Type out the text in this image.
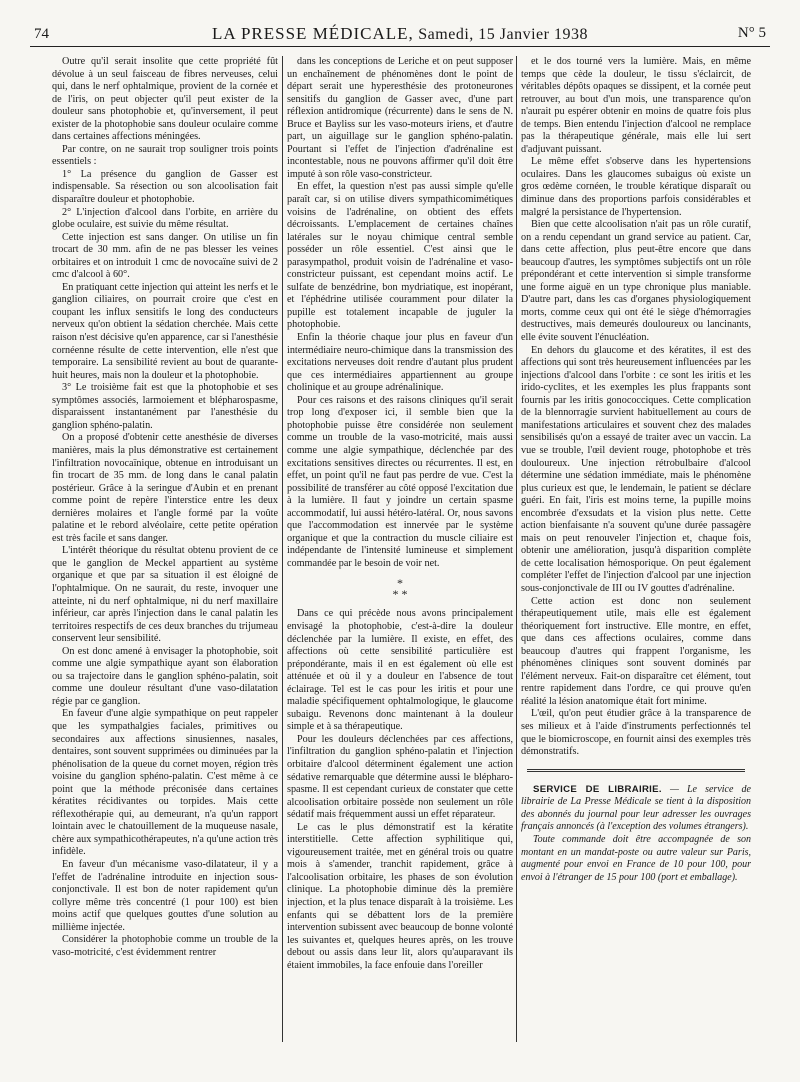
74	LA PRESSE MÉDICALE, Samedi, 15 Janvier 1938	N° 5

Outre qu'il serait insolite que cette propriété fût dévolue à un seul faisceau de fibres nerveuses, celui qui, dans le nerf ophtalmique, provient de la cornée et de l'iris, on peut objecter qu'il peut exister de la douleur sans photophobie et, qu'inversement, il peut exister de la photophobie sans douleur oculaire comme dans certaines affections méningées.

Par contre, on ne saurait trop souligner trois points essentiels :

1° La présence du ganglion de Gasser est indispensable. Sa résection ou son alcoolisation fait disparaître douleur et photophobie.

2° L'injection d'alcool dans l'orbite, en arrière du globe oculaire, est suivie du même résultat.

Cette injection est sans danger. On utilise un fin trocart de 30 mm. afin de ne pas blesser les veines orbitaires et on introduit 1 cmc de novocaïne suivi de 2 cmc d'alcool à 60°.

En pratiquant cette injection qui atteint les nerfs et le ganglion ciliaires, on pourrait croire que c'est en coupant les influx sensitifs le long des conducteurs nerveux qu'on obtient la sédation cherchée. Mais cette raison n'est décisive qu'en apparence, car si l'anesthésie cornéenne résulte de cette intervention, elle n'est que temporaire. La sensibilité revient au bout de quarante-huit heures, mais non la douleur et la photophobie.

3° Le troisième fait est que la photophobie et ses symptômes associés, larmoiement et blépharospasme, disparaissent instantanément par l'anesthésie du ganglion sphéno-palatin.

On a proposé d'obtenir cette anesthésie de diverses manières, mais la plus démonstrative est certainement l'infiltration novocaïnique, obtenue en introduisant un fin trocart de 35 mm. de long dans le canal palatin postérieur. Grâce à la seringue d'Aubin et en prenant comme point de repère l'interstice entre les deux dernières molaires et l'angle formé par la voûte palatine et le rebord alvéolaire, cette petite opération est très facile et sans danger.

L'intérêt théorique du résultat obtenu provient de ce que le ganglion de Meckel appartient au système organique et que par sa situation il est éloigné de l'ophtalmique. On ne saurait, du reste, invoquer une atteinte, ni du nerf ophtalmique, ni du nerf maxillaire inférieur, car après l'injection dans le canal palatin les territoires respectifs de ces deux branches du trijumeau conservent leur sensibilité.

On est donc amené à envisager la photophobie, soit comme une algie sympathique ayant son élaboration ou sa trajectoire dans le ganglion sphéno-palatin, soit comme une douleur résultant d'une vaso-dilatation régie par ce ganglion.

En faveur d'une algie sympathique on peut rappeler que les sympathalgies faciales, primitives ou secondaires aux affections sinusiennes, nasales, dentaires, sont souvent supprimées ou diminuées par la phénolisation de la queue du cornet moyen, région très voisine du ganglion sphéno-palatin. C'est même à ce point que la méthode préconisée dans certaines kératites récidivantes ou torpides. Mais cette réflexothérapie qui, au demeurant, n'a qu'un rapport lointain avec le chatouillement de la muqueuse nasale, chère aux sympathicothérapeutes, n'a qu'une action très infidèle.

En faveur d'un mécanisme vaso-dilatateur, il y a l'effet de l'adrénaline introduite en injection sous-conjonctivale. Il est bon de noter rapidement qu'un collyre même très concentré (1 pour 100) est bien moins actif que quelques gouttes d'une solution au millième injectée.

Considérer la photophobie comme un trouble de la vaso-motricité, c'est évidemment rentrer

dans les conceptions de Leriche et on peut supposer un enchaînement de phénomènes dont le point de départ serait une hyperesthésie des protoneurones sensitifs du ganglion de Gasser avec, d'une part réflexion antidromique (récurrente) dans le sens de N. Bruce et Bayliss sur les vaso-moteurs iriens, et d'autre part, un aiguillage sur le ganglion sphéno-palatin. Pourtant si l'effet de l'injection d'adrénaline est incontestable, nous ne pouvons affirmer qu'il doit être imputé à son rôle vaso-constricteur.

En effet, la question n'est pas aussi simple qu'elle paraît car, si on utilise divers sympathicomimétiques voisins de l'adrénaline, on obtient des effets décroissants. L'emplacement de certaines chaînes latérales sur le noyau chimique central semble posséder un rôle essentiel. C'est ainsi que le parasympathol, produit voisin de l'adrénaline et vaso-constricteur puissant, est cependant moins actif. Le sulfate de benzédrine, bon mydriatique, est inopérant, et l'éphédrine utilisée couramment pour dilater la pupille est totalement incapable de juguler la photophobie.

Enfin la théorie chaque jour plus en faveur d'un intermédiaire neuro-chimique dans la transmission des excitations nerveuses doit rendre d'autant plus prudent que ces intermédiaires appartiennent au groupe cholinique et au groupe adrénalinique.

Pour ces raisons et des raisons cliniques qu'il serait trop long d'exposer ici, il semble bien que la photophobie puisse être considérée non seulement comme un trouble de la vaso-motricité, mais aussi comme une algie sympathique, déclenchée par des excitations sensitives directes ou récurrentes. Il est, en effet, un point qu'il ne faut pas perdre de vue. C'est la possibilité de transférer au côté opposé l'excitation due à la lumière. Il faut y joindre un certain spasme accommodatif, lui aussi hétéro-latéral. Or, nous savons que l'accommodation est innervée par le système organique et que la contraction du muscle ciliaire est indépendante de l'intensité lumineuse et simplement commandée par le besoin de voir net.

*
* *

Dans ce qui précède nous avons principalement envisagé la photophobie, c'est-à-dire la douleur déclenchée par la lumière. Il existe, en effet, des affections où cette sensibilité particulière est prépondérante, mais il en est également où elle est atténuée et où il y a douleur en l'absence de tout éclairage. Tel est le cas pour les iritis et pour une maladie spécifiquement ophtalmologique, le glaucome subaigu. Revenons donc maintenant à la douleur simple et à sa thérapeutique.

Pour les douleurs déclenchées par ces affections, l'infiltration du ganglion sphéno-palatin et l'injection orbitaire d'alcool déterminent également une action sédative remarquable que détermine aussi le blépharo-spasme. Il est cependant curieux de constater que cette alcoolisation orbitaire possède non seulement un rôle sédatif mais fréquemment aussi un effet réparateur.

Le cas le plus démonstratif est la kératite interstitielle. Cette affection syphilitique qui, vigoureusement traitée, met en général trois ou quatre mois à s'amender, tranchit rapidement, grâce à l'alcoolisation orbitaire, les phases de son évolution clinique. La photophobie diminue dès la première injection, et la plus tenace disparaît à la troisième. Les enfants qui se débattent lors de la première intervention subissent avec beaucoup de bonne volonté les suivantes et, quelques heures après, on les trouve debout ou assis dans leur lit, alors qu'auparavant ils étaient immobiles, la face enfouie dans l'oreiller

et le dos tourné vers la lumière. Mais, en même temps que cède la douleur, le tissu s'éclaircit, de véritables dépôts opaques se dissipent, et la cornée peut retrouver, au bout d'un mois, une transparence qu'on n'aurait pu espérer obtenir en moins de quatre fois plus de temps. Bien entendu l'injection d'alcool ne remplace pas la thérapeutique générale, mais elle lui sert d'adjuvant puissant.

Le même effet s'observe dans les hypertensions oculaires. Dans les glaucomes subaigus où existe un gros œdème cornéen, le trouble kératique disparaît ou diminue dans des proportions parfois considérables et malgré la persistance de l'hypertension.

Bien que cette alcoolisation n'ait pas un rôle curatif, on a rendu cependant un grand service au patient. Car, dans cette affection, plus peut-être encore que dans beaucoup d'autres, les symptômes subjectifs ont un rôle prépondérant et cette intervention si simple transforme une forme aiguë en un type chronique plus maniable. D'autre part, dans les cas d'organes physiologiquement morts, comme ceux qui ont été le siège d'hémorragies destructives, mais demeurés douloureux ou lancinants, elle évite souvent l'énucléation.

En dehors du glaucome et des kératites, il est des affections qui sont très heureusement influencées par les injections d'alcool dans l'orbite : ce sont les iritis et les irido-cyclites, et les exemples les plus frappants sont fournis par les iritis gonococciques. Cette complication de la blennorragie survient habituellement au cours de manifestations articulaires et souvent chez des malades sensibilisés qu'on a essayé de traiter avec un vaccin. La vue se trouble, l'œil devient rouge, photophobe et très douloureux. Une injection rétrobulbaire d'alcool détermine une sédation immédiate, mais le phénomène plus curieux est que, le lendemain, le patient se déclare guéri. En fait, l'iris est moins terne, la pupille moins encombrée d'exsudats et la vision plus nette. Cette action bienfaisante n'a souvent qu'une durée passagère mais on peut renouveler l'injection et, chaque fois, obtenir une amélioration, jusqu'à disparition complète de cette localisation hémosporique. On peut également compléter l'effet de l'injection d'alcool par une injection sous-conjonctivale de III ou IV gouttes d'adrénaline.

Cette action est donc non seulement thérapeutiquement utile, mais elle est également théoriquement fort instructive. Elle montre, en effet, que dans ces affections oculaires, comme dans beaucoup d'autres qui frappent l'organisme, les phénomènes cliniques sont souvent dominés par l'élément nerveux. Fait-on disparaître cet élément, tout rentre rapidement dans l'ordre, ce qui prouve qu'en réalité la lésion anatomique était fort minime.

L'œil, qu'on peut étudier grâce à la transparence de ses milieux et à l'aide d'instruments perfectionnés tel que le biomicroscope, en fournit ainsi des exemples très démonstratifs.

SERVICE DE LIBRAIRIE. — Le service de librairie de La Presse Médicale se tient à la disposition des abonnés du journal pour leur adresser les ouvrages français annoncés (à l'exception des volumes étrangers).

Toute commande doit être accompagnée de son montant en un mandat-poste ou autre valeur sur Paris, augmenté pour envoi en France de 10 pour 100, pour envoi à l'étranger de 15 pour 100 (port et emballage).
